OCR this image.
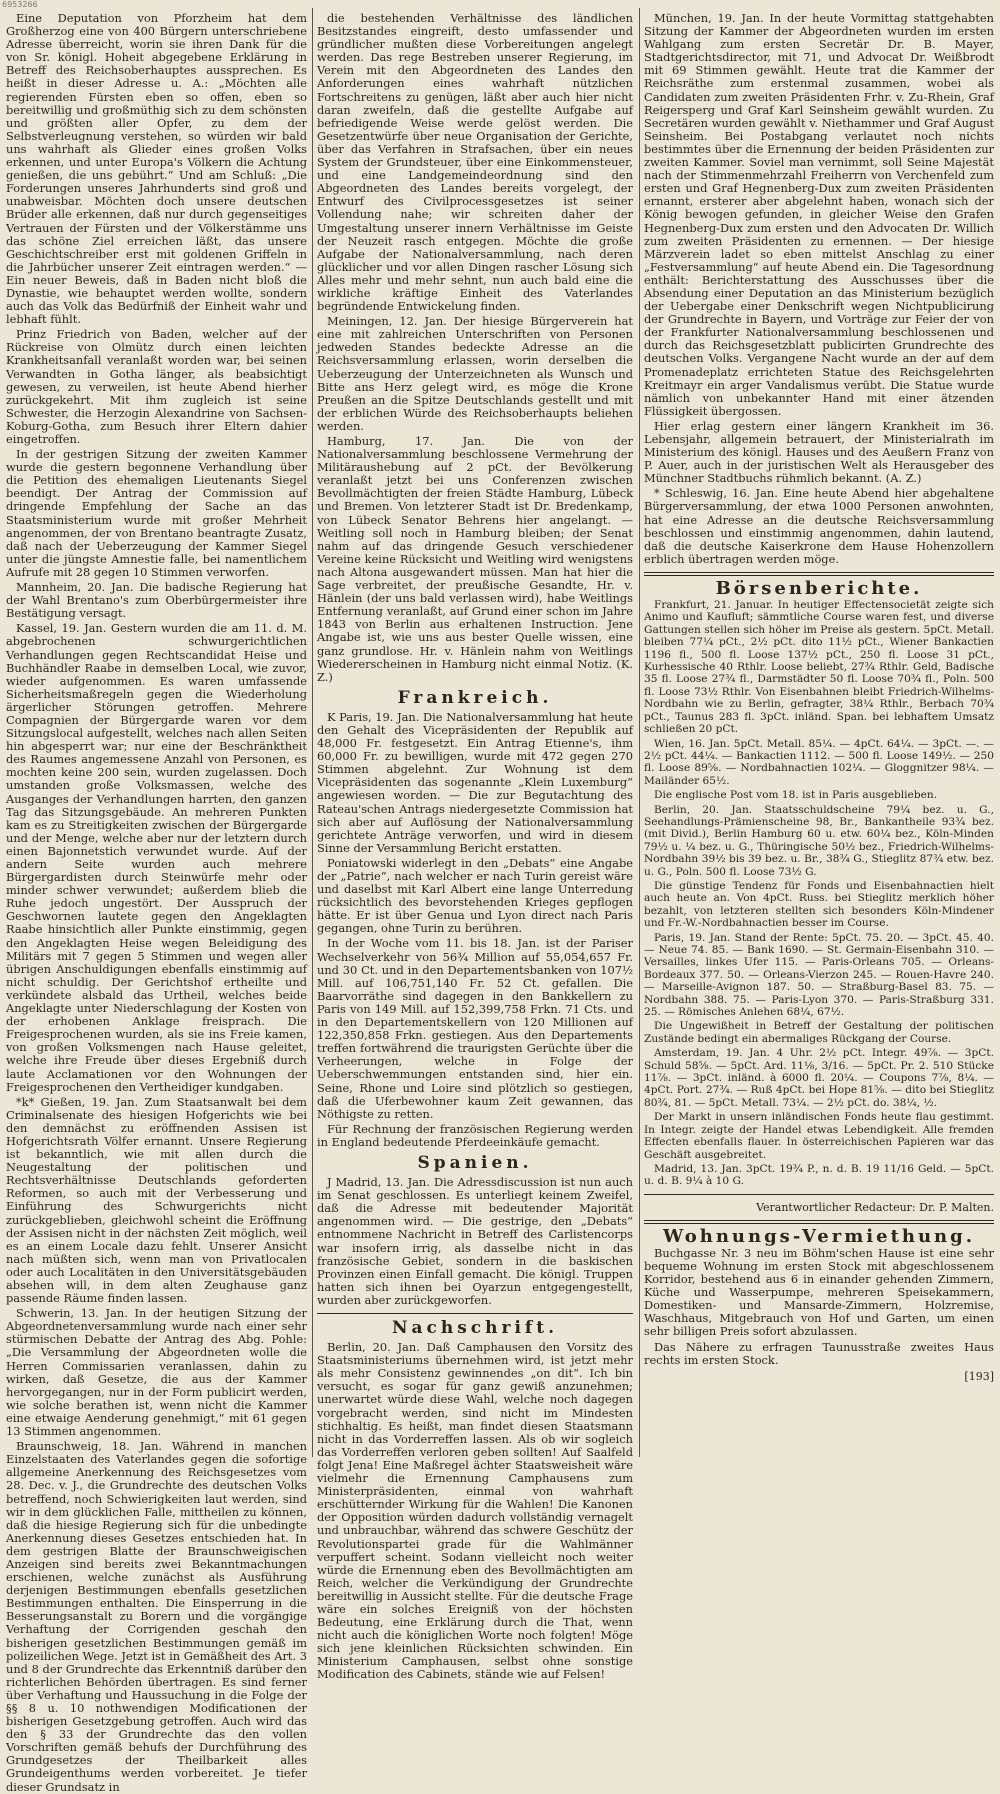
6953266

Eine Deputation von Pforzheim hat dem Großherzog eine von 400 Bürgern unterschriebene Adresse überreicht, worin sie ihren Dank für die von Sr. königl. Hoheit abgegebene Erklärung in Betreff des Reichsoberhauptes aussprechen. Es heißt in dieser Adresse u. A.: „Möchten alle regierenden Fürsten eben so offen, eben so bereitwillig und großmüthig sich zu dem schönsten und größten aller Opfer, zu dem der Selbstverleugnung verstehen, so würden wir bald uns wahrhaft als Glieder eines großen Volks erkennen, und unter Europa's Völkern die Achtung genießen, die uns gebührt.“ Und am Schluß: „Die Forderungen unseres Jahrhunderts sind groß und unabweisbar. Möchten doch unsere deutschen Brüder alle erkennen, daß nur durch gegenseitiges Vertrauen der Fürsten und der Völkerstämme uns das schöne Ziel erreichen läßt, das unsere Geschichtschreiber erst mit goldenen Griffeln in die Jahrbücher unserer Zeit eintragen werden.“ — Ein neuer Beweis, daß in Baden nicht bloß die Dynastie, wie behauptet werden wollte, sondern auch das Volk das Bedürfniß der Einheit wahr und lebhaft fühlt.

Prinz Friedrich von Baden, welcher auf der Rückreise von Olmütz durch einen leichten Krankheitsanfall veranlaßt worden war, bei seinen Verwandten in Gotha länger, als beabsichtigt gewesen, zu verweilen, ist heute Abend hierher zurückgekehrt. Mit ihm zugleich ist seine Schwester, die Herzogin Alexandrine von Sachsen-Koburg-Gotha, zum Besuch ihrer Eltern dahier eingetroffen.

In der gestrigen Sitzung der zweiten Kammer wurde die gestern begonnene Verhandlung über die Petition des ehemaligen Lieutenants Siegel beendigt. Der Antrag der Commission auf dringende Empfehlung der Sache an das Staatsministerium wurde mit großer Mehrheit angenommen, der von Brentano beantragte Zusatz, daß nach der Ueberzeugung der Kammer Siegel unter die jüngste Amnestie falle, bei namentlichem Aufrufe mit 28 gegen 10 Stimmen verworfen.

Mannheim, 20. Jan. Die badische Regierung hat der Wahl Brentano's zum Oberbürgermeister ihre Bestätigung versagt.

Kassel, 19. Jan. Gestern wurden die am 11. d. M. abgebrochenen schwurgerichtlichen Verhandlungen gegen Rechtscandidat Heise und Buchhändler Raabe in demselben Local, wie zuvor, wieder aufgenommen. Es waren umfassende Sicherheitsmaßregeln gegen die Wiederholung ärgerlicher Störungen getroffen. Mehrere Compagnien der Bürgergarde waren vor dem Sitzungslocal aufgestellt, welches nach allen Seiten hin abgesperrt war; nur eine der Beschränktheit des Raumes angemessene Anzahl von Personen, es mochten keine 200 sein, wurden zugelassen. Doch umstanden große Volksmassen, welche des Ausganges der Verhandlungen harrten, den ganzen Tag das Sitzungsgebäude. An mehreren Punkten kam es zu Streitigkeiten zwischen der Bürgergarde und der Menge, welche aber nur der letztern durch einen Bajonnetstich verwundet wurde. Auf der andern Seite wurden auch mehrere Bürgergardisten durch Steinwürfe mehr oder minder schwer verwundet; außerdem blieb die Ruhe jedoch ungestört. Der Ausspruch der Geschwornen lautete gegen den Angeklagten Raabe hinsichtlich aller Punkte einstimmig, gegen den Angeklagten Heise wegen Beleidigung des Militärs mit 7 gegen 5 Stimmen und wegen aller übrigen Anschuldigungen ebenfalls einstimmig auf nicht schuldig. Der Gerichtshof ertheilte und verkündete alsbald das Urtheil, welches beide Angeklagte unter Niederschlagung der Kosten von der erhobenen Anklage freisprach. Die Freigesprochenen wurden, als sie ins Freie kamen, von großen Volksmengen nach Hause geleitet, welche ihre Freude über dieses Ergebniß durch laute Acclamationen vor den Wohnungen der Freigesprochenen den Vertheidiger kundgaben.

*k* Gießen, 19. Jan. Zum Staatsanwalt bei dem Criminalsenate des hiesigen Hofgerichts wie bei den demnächst zu eröffnenden Assisen ist Hofgerichtsrath Völfer ernannt. Unsere Regierung ist bekanntlich, wie mit allen durch die Neugestaltung der politischen und Rechtsverhältnisse Deutschlands geforderten Reformen, so auch mit der Verbesserung und Einführung des Schwurgerichts nicht zurückgeblieben, gleichwohl scheint die Eröffnung der Assisen nicht in der nächsten Zeit möglich, weil es an einem Locale dazu fehlt. Unserer Ansicht nach müßten sich, wenn man von Privatlocalen oder auch Localitäten in den Universitätsgebäuden absehen will, in dem alten Zeughause ganz passende Räume finden lassen.

Schwerin, 13. Jan. In der heutigen Sitzung der Abgeordnetenversammlung wurde nach einer sehr stürmischen Debatte der Antrag des Abg. Pohle: „Die Versammlung der Abgeordneten wolle die Herren Commissarien veranlassen, dahin zu wirken, daß Gesetze, die aus der Kammer hervorgegangen, nur in der Form publicirt werden, wie solche berathen ist, wenn nicht die Kammer eine etwaige Aenderung genehmigt,“ mit 61 gegen 13 Stimmen angenommen.

Braunschweig, 18. Jan. Während in manchen Einzelstaaten des Vaterlandes gegen die sofortige allgemeine Anerkennung des Reichsgesetzes vom 28. Dec. v. J., die Grundrechte des deutschen Volks betreffend, noch Schwierigkeiten laut werden, sind wir in dem glücklichen Falle, mittheilen zu können, daß die hiesige Regierung sich für die unbedingte Anerkennung dieses Gesetzes entschieden hat. In dem gestrigen Blatte der Braunschweigischen Anzeigen sind bereits zwei Bekanntmachungen erschienen, welche zunächst als Ausführung derjenigen Bestimmungen ebenfalls gesetzlichen Bestimmungen enthalten. Die Einsperrung in die Besserungsanstalt zu Borern und die vorgängige Verhaftung der Corrigenden geschah den bisherigen gesetzlichen Bestimmungen gemäß im polizeilichen Wege. Jetzt ist in Gemäßheit des Art. 3 und 8 der Grundrechte das Erkenntniß darüber den richterlichen Behörden übertragen. Es sind ferner über Verhaftung und Haussuchung in die Folge der §§ 8 u. 10 nothwendigen Modificationen der bisherigen Gesetzgebung getroffen. Auch wird das den § 33 der Grundrechte das den vollen Vorschriften gemäß behufs der Durchführung des Grundgesetzes der Theilbarkeit alles Grundeigenthums werden vorbereitet. Je tiefer dieser Grundsatz in

die bestehenden Verhältnisse des ländlichen Besitzstandes eingreift, desto umfassender und gründlicher mußten diese Vorbereitungen angelegt werden. Das rege Bestreben unserer Regierung, im Verein mit den Abgeordneten des Landes den Anforderungen eines wahrhaft nützlichen Fortschreitens zu genügen, läßt aber auch hier nicht daran zweifeln, daß die gestellte Aufgabe auf befriedigende Weise werde gelöst werden. Die Gesetzentwürfe über neue Organisation der Gerichte, über das Verfahren in Strafsachen, über ein neues System der Grundsteuer, über eine Einkommensteuer, und eine Landgemeindeordnung sind den Abgeordneten des Landes bereits vorgelegt, der Entwurf des Civilprocessgesetzes ist seiner Vollendung nahe; wir schreiten daher der Umgestaltung unserer innern Verhältnisse im Geiste der Neuzeit rasch entgegen. Möchte die große Aufgabe der Nationalversammlung, nach deren glücklicher und vor allen Dingen rascher Lösung sich Alles mehr und mehr sehnt, nun auch bald eine die wirkliche kräftige Einheit des Vaterlandes begründende Entwickelung finden.

Meiningen, 12. Jan. Der hiesige Bürgerverein hat eine mit zahlreichen Unterschriften von Personen jedweden Standes bedeckte Adresse an die Reichsversammlung erlassen, worin derselben die Ueberzeugung der Unterzeichneten als Wunsch und Bitte ans Herz gelegt wird, es möge die Krone Preußen an die Spitze Deutschlands gestellt und mit der erblichen Würde des Reichsoberhaupts beliehen werden.

Hamburg, 17. Jan. Die von der Nationalversammlung beschlossene Vermehrung der Militäraushebung auf 2 pCt. der Bevölkerung veranlaßt jetzt bei uns Conferenzen zwischen Bevollmächtigten der freien Städte Hamburg, Lübeck und Bremen. Von letzterer Stadt ist Dr. Bredenkamp, von Lübeck Senator Behrens hier angelangt. — Weitling soll noch in Hamburg bleiben; der Senat nahm auf das dringende Gesuch verschiedener Vereine keine Rücksicht und Weitling wird wenigstens nach Altona ausgewandert müssen. Man hat hier die Sage verbreitet, der preußische Gesandte, Hr. v. Hänlein (der uns bald verlassen wird), habe Weitlings Entfernung veranlaßt, auf Grund einer schon im Jahre 1843 von Berlin aus erhaltenen Instruction. Jene Angabe ist, wie uns aus bester Quelle wissen, eine ganz grundlose. Hr. v. Hänlein nahm von Weitlings Wiedererscheinen in Hamburg nicht einmal Notiz. (K. Z.)

Frankreich.

K Paris, 19. Jan. Die Nationalversammlung hat heute den Gehalt des Vicepräsidenten der Republik auf 48,000 Fr. festgesetzt. Ein Antrag Etienne's, ihm 60,000 Fr. zu bewilligen, wurde mit 472 gegen 270 Stimmen abgelehnt. Zur Wohnung ist dem Vicepräsidenten das sogenannte „Klein Luxemburg“ angewiesen worden. — Die zur Begutachtung des Rateau'schen Antrags niedergesetzte Commission hat sich aber auf Auflösung der Nationalversammlung gerichtete Anträge verworfen, und wird in diesem Sinne der Versammlung Bericht erstatten.

Poniatowski widerlegt in den „Debats“ eine Angabe der „Patrie“, nach welcher er nach Turin gereist wäre und daselbst mit Karl Albert eine lange Unterredung rücksichtlich des bevorstehenden Krieges gepflogen hätte. Er ist über Genua und Lyon direct nach Paris gegangen, ohne Turin zu berühren.

In der Woche vom 11. bis 18. Jan. ist der Pariser Wechselverkehr von 56¾ Million auf 55,054,657 Fr. und 30 Ct. und in den Departementsbanken von 107½ Mill. auf 106,751,140 Fr. 52 Ct. gefallen. Die Baarvorräthe sind dagegen in den Bankkellern zu Paris von 149 Mill. auf 152,399,758 Frkn. 71 Cts. und in den Departementskellern von 120 Millionen auf 122,350,858 Frkn. gestiegen. Aus den Departements treffen fortwährend die traurigsten Gerüchte über die Verheerungen, welche in Folge der Ueberschwemmungen entstanden sind, hier ein. Seine, Rhone und Loire sind plötzlich so gestiegen, daß die Uferbewohner kaum Zeit gewannen, das Nöthigste zu retten.

Für Rechnung der französischen Regierung werden in England bedeutende Pferdeeinkäufe gemacht.

Spanien.

J Madrid, 13. Jan. Die Adressdiscussion ist nun auch im Senat geschlossen. Es unterliegt keinem Zweifel, daß die Adresse mit bedeutender Majorität angenommen wird. — Die gestrige, den „Debats“ entnommene Nachricht in Betreff des Carlistencorps war insofern irrig, als dasselbe nicht in das französische Gebiet, sondern in die baskischen Provinzen einen Einfall gemacht. Die königl. Truppen hatten sich ihnen bei Oyarzun entgegengestellt, wurden aber zurückgeworfen.

Nachschrift.

Berlin, 20. Jan. Daß Camphausen den Vorsitz des Staatsministeriums übernehmen wird, ist jetzt mehr als mehr Consistenz gewinnendes „on dit“. Ich bin versucht, es sogar für ganz gewiß anzunehmen; unerwartet würde diese Wahl, welche noch dagegen vorgebracht werden, sind nicht im Mindesten stichhaltig. Es heißt, man findet diesen Staatsmann nicht in das Vorderreffen lassen. Als ob wir sogleich das Vorderreffen verloren geben sollten! Auf Saalfeld folgt Jena! Eine Maßregel ächter Staatsweisheit wäre vielmehr die Ernennung Camphausens zum Ministerpräsidenten, einmal von wahrhaft erschütternder Wirkung für die Wahlen! Die Kanonen der Opposition würden dadurch vollständig vernagelt und unbrauchbar, während das schwere Geschütz der Revolutionspartei grade für die Wahlmänner verpuffert scheint. Sodann vielleicht noch weiter würde die Ernennung eben des Bevollmächtigten am Reich, welcher die Verkündigung der Grundrechte bereitwillig in Aussicht stellte. Für die deutsche Frage wäre ein solches Ereigniß von der höchsten Bedeutung, eine Erklärung durch die That, wenn nicht auch die königlichen Worte noch folgten! Möge sich jene kleinlichen Rücksichten schwinden. Ein Ministerium Camphausen, selbst ohne sonstige Modification des Cabinets, stände wie auf Felsen!

München, 19. Jan. In der heute Vormittag stattgehabten Sitzung der Kammer der Abgeordneten wurden im ersten Wahlgang zum ersten Secretär Dr. B. Mayer, Stadtgerichtsdirector, mit 71, und Advocat Dr. Weißbrodt mit 69 Stimmen gewählt. Heute trat die Kammer der Reichsräthe zum erstenmal zusammen, wobei als Candidaten zum zweiten Präsidenten Frhr. v. Zu-Rhein, Graf Reigersperg und Graf Karl Seinsheim gewählt wurden. Zu Secretären wurden gewählt v. Niethammer und Graf August Seinsheim. Bei Postabgang verlautet noch nichts bestimmtes über die Ernennung der beiden Präsidenten zur zweiten Kammer. Soviel man vernimmt, soll Seine Majestät nach der Stimmenmehrzahl Freiherrn von Verchenfeld zum ersten und Graf Hegnenberg-Dux zum zweiten Präsidenten ernannt, ersterer aber abgelehnt haben, wonach sich der König bewogen gefunden, in gleicher Weise den Grafen Hegnenberg-Dux zum ersten und den Advocaten Dr. Willich zum zweiten Präsidenten zu ernennen. — Der hiesige Märzverein ladet so eben mittelst Anschlag zu einer „Festversammlung“ auf heute Abend ein. Die Tagesordnung enthält: Berichterstattung des Ausschusses über die Absendung einer Deputation an das Ministerium bezüglich der Uebergabe einer Denkschrift wegen Nichtpublicirung der Grundrechte in Bayern, und Vorträge zur Feier der von der Frankfurter Nationalversammlung beschlossenen und durch das Reichsgesetzblatt publicirten Grundrechte des deutschen Volks. Vergangene Nacht wurde an der auf dem Promenadeplatz errichteten Statue des Reichsgelehrten Kreitmayr ein arger Vandalismus verübt. Die Statue wurde nämlich von unbekannter Hand mit einer ätzenden Flüssigkeit übergossen.

Hier erlag gestern einer längern Krankheit im 36. Lebensjahr, allgemein betrauert, der Ministerialrath im Ministerium des königl. Hauses und des Aeußern Franz von P. Auer, auch in der juristischen Welt als Herausgeber des Münchner Stadtbuchs rühmlich bekannt. (A. Z.)

* Schleswig, 16. Jan. Eine heute Abend hier abgehaltene Bürgerversammlung, der etwa 1000 Personen anwohnten, hat eine Adresse an die deutsche Reichsversammlung beschlossen und einstimmig angenommen, dahin lautend, daß die deutsche Kaiserkrone dem Hause Hohenzollern erblich übertragen werden möge.

Börsenberichte.

Frankfurt, 21. Januar. In heutiger Effectensocietät zeigte sich Animo und Kaufluft; sämmtliche Course waren fest, und diverse Gattungen stellen sich höher im Preise als gestern. 5pCt. Metall. bleiben 77¼ pCt., 2½ pCt. dito 11½ pCt., Wiener Bankactien 1196 fl., 500 fl. Loose 137½ pCt., 250 fl. Loose 31 pCt., Kurhessische 40 Rthlr. Loose beliebt, 27¾ Rthlr. Geld, Badische 35 fl. Loose 27¾ fl., Darmstädter 50 fl. Loose 70¾ fl., Poln. 500 fl. Loose 73½ Rthlr. Von Eisenbahnen bleibt Friedrich-Wilhelms-Nordbahn wie zu Berlin, gefragter, 38¼ Rthlr., Berbach 70¾ pCt., Taunus 283 fl. 3pCt. inländ. Span. bei lebhaftem Umsatz schließen 20 pCt.

Wien, 16. Jan. 5pCt. Metall. 85¼. — 4pCt. 64¼. — 3pCt. —. — 2½ pCt. 44¼. — Bankactien 1112. — 500 fl. Loose 149½. — 250 fl. Loose 89⅝. — Nordbahnactien 102¼. — Gloggnitzer 98¼. — Mailänder 65½.

Die englische Post vom 18. ist in Paris ausgeblieben.

Berlin, 20. Jan. Staatsschuldscheine 79¼ bez. u. G., Seehandlungs-Prämienscheine 98, Br., Bankantheile 93¾ bez. (mit Divid.), Berlin Hamburg 60 u. etw. 60¼ bez., Köln-Minden 79½ u. ¼ bez. u. G., Thüringische 50½ bez., Friedrich-Wilhelms-Nordbahn 39½ bis 39 bez. u. Br., 38¾ G., Stieglitz 87¾ etw. bez. u. G., Poln. 500 fl. Loose 73½ G.

Die günstige Tendenz für Fonds und Eisenbahnactien hielt auch heute an. Von 4pCt. Russ. bei Stieglitz merklich höher bezahlt, von letzteren stellten sich besonders Köln-Mindener und Fr.-W.-Nordbahnactien besser im Course.

Paris, 19. Jan. Stand der Rente: 5pCt. 75. 20. — 3pCt. 45. 40. — Neue 74. 85. — Bank 1690. — St. Germain-Eisenbahn 310. — Versailles, linkes Ufer 115. — Paris-Orleans 705. — Orleans-Bordeaux 377. 50. — Orleans-Vierzon 245. — Rouen-Havre 240. — Marseille-Avignon 187. 50. — Straßburg-Basel 83. 75. — Nordbahn 388. 75. — Paris-Lyon 370. — Paris-Straßburg 331. 25. — Römisches Anlehen 68¼, 67½.

Die Ungewißheit in Betreff der Gestaltung der politischen Zustände bedingt ein abermaliges Rückgang der Course.

Amsterdam, 19. Jan. 4 Uhr. 2½ pCt. Integr. 49⅞. — 3pCt. Schuld 58⅝. — 5pCt. Ard. 11⅛, 3/16. — 5pCt. Pr. 2. 510 Stücke 11⅞. — 3pCt. inländ. à 6000 fl. 20¼. — Coupons 7⅞, 8¼. — 4pCt. Port. 27¾. — Ruß 4pCt. bei Hope 81⅝. — dito bei Stieglitz 80¾, 81. — 5pCt. Metall. 73¼. — 2½ pCt. do. 38¼, ½.

Der Markt in unsern inländischen Fonds heute flau gestimmt. In Integr. zeigte der Handel etwas Lebendigkeit. Alle fremden Effecten ebenfalls flauer. In österreichischen Papieren war das Geschäft ausgebreitet.

Madrid, 13. Jan. 3pCt. 19¾ P., n. d. B. 19 11/16 Geld. — 5pCt. u. d. B. 9¼ à 10 G.

Verantwortlicher Redacteur: Dr. P. Malten.
Wohnungs-Vermiethung.

Buchgasse Nr. 3 neu im Böhm'schen Hause ist eine sehr bequeme Wohnung im ersten Stock mit abgeschlossenem Korridor, bestehend aus 6 in einander gehenden Zimmern, Küche und Wasserpumpe, mehreren Speisekammern, Domestiken- und Mansarde-Zimmern, Holzremise, Waschhaus, Mitgebrauch von Hof und Garten, um einen sehr billigen Preis sofort abzulassen.

Das Nähere zu erfragen Taunusstraße zweites Haus rechts im ersten Stock.

[193]
